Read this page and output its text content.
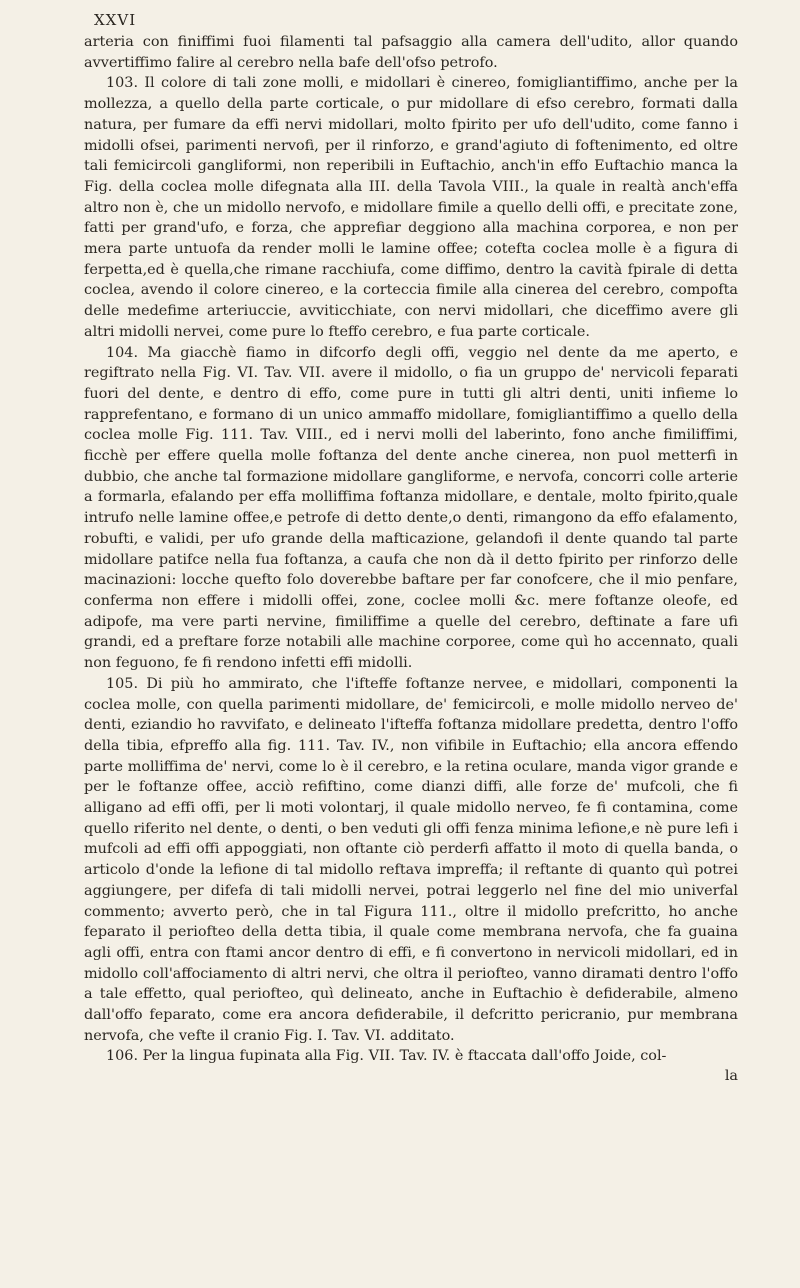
XXVI

arteria con finiffimi fuoi filamenti tal pafsaggio alla camera dell'udito, allor quando avvertiffimo falire al cerebro nella bafe dell'ofso petrofo.

103. Il colore di tali zone molli, e midollari è cinereo, fomigliantiffimo, anche per la mollezza, a quello della parte corticale, o pur midollare di efso cerebro, formati dalla natura, per fumare da effi nervi midollari, molto fpirito per ufo dell'udito, come fanno i midolli ofsei, parimenti nervofi, per il rinforzo, e grand'agiuto di foftenimento, ed oltre tali femicircoli gangliformi, non reperibili in Euftachio, anch'in effo Euftachio manca la Fig. della coclea molle difegnata alla III. della Tavola VIII., la quale in realtà anch'effa altro non è, che un midollo nervofo, e midollare fimile a quello delli offi, e precitate zone, fatti per grand'ufo, e forza, che apprefiar deggiono alla machina corporea, e non per mera parte untuofa da render molli le lamine offee; cotefta coclea molle è a figura di ferpetta,ed è quella,che rimane racchiufa, come diffimo, dentro la cavità fpirale di detta coclea, avendo il colore cinereo, e la corteccia fimile alla cinerea del cerebro, compofta delle medefime arteriuccie, avviticchiate, con nervi midollari, che diceffimo avere gli altri midolli nervei, come pure lo fteffo cerebro, e fua parte corticale.

104. Ma giacchè fiamo in difcorfo degli offi, veggio nel dente da me aperto, e regiftrato nella Fig. VI. Tav. VII. avere il midollo, o fia un gruppo de' nervicoli feparati fuori del dente, e dentro di effo, come pure in tutti gli altri denti, uniti infieme lo rapprefentano, e formano di un unico ammaffo midollare, fomigliantiffimo a quello della coclea molle Fig. 111. Tav. VIII., ed i nervi molli del laberinto, fono anche fimiliffimi, ficchè per effere quella molle foftanza del dente anche cinerea, non puol metterfi in dubbio, che anche tal formazione midollare gangliforme, e nervofa, concorri colle arterie a formarla, efalando per effa molliffima foftanza midollare, e dentale, molto fpirito,quale intrufo nelle lamine offee,e petrofe di detto dente,o denti, rimangono da effo efalamento, robufti, e validi, per ufo grande della mafticazione, gelandofi il dente quando tal parte midollare patifce nella fua foftanza, a caufa che non dà il detto fpirito per rinforzo delle macinazioni: locche quefto folo doverebbe baftare per far conofcere, che il mio penfare, conferma non effere i midolli offei, zone, coclee molli &c. mere foftanze oleofe, ed adipofe, ma vere parti nervine, fimiliffime a quelle del cerebro, deftinate a fare ufi grandi, ed a preftare forze notabili alle machine corporee, come quì ho accennato, quali non feguono, fe fi rendono infetti effi midolli.

105. Di più ho ammirato, che l'ifteffe foftanze nervee, e midollari, componenti la coclea molle, con quella parimenti midollare, de' femicircoli, e molle midollo nerveo de' denti, eziandio ho ravvifato, e delineato l'ifteffa foftanza midollare predetta, dentro l'offo della tibia, efpreffo alla fig. 111. Tav. IV., non vifibile in Euftachio; ella ancora effendo parte molliffima de' nervi, come lo è il cerebro, e la retina oculare, manda vigor grande e per le foftanze offee, acciò refiftino, come dianzi diffi, alle forze de' mufcoli, che fi alligano ad effi offi, per li moti volontarj, il quale midollo nerveo, fe fi contamina, come quello riferito nel dente, o denti, o ben veduti gli offi fenza minima lefione,e nè pure lefi i mufcoli ad effi offi appoggiati, non oftante ciò perderfi affatto il moto di quella banda, o articolo d'onde la lefione di tal midollo reftava impreffa; il reftante di quanto quì potrei aggiungere, per difefa di tali midolli nervei, potrai leggerlo nel fine del mio univerfal commento; avverto però, che in tal Figura 111., oltre il midollo prefcritto, ho anche feparato il periofteo della detta tibia, il quale come membrana nervofa, che fa guaina agli offi, entra con ftami ancor dentro di effi, e fi convertono in nervicoli midollari, ed in midollo coll'affociamento di altri nervi, che oltra il periofteo, vanno diramati dentro l'offo a tale effetto, qual periofteo, quì delineato, anche in Euftachio è defiderabile, almeno dall'offo feparato, come era ancora defiderabile, il defcritto pericranio, pur membrana nervofa, che vefte il cranio Fig. I. Tav. VI. additato.

106. Per la lingua fupinata alla Fig. VII. Tav. IV. è ftaccata dall'offo Joide, col-

la
